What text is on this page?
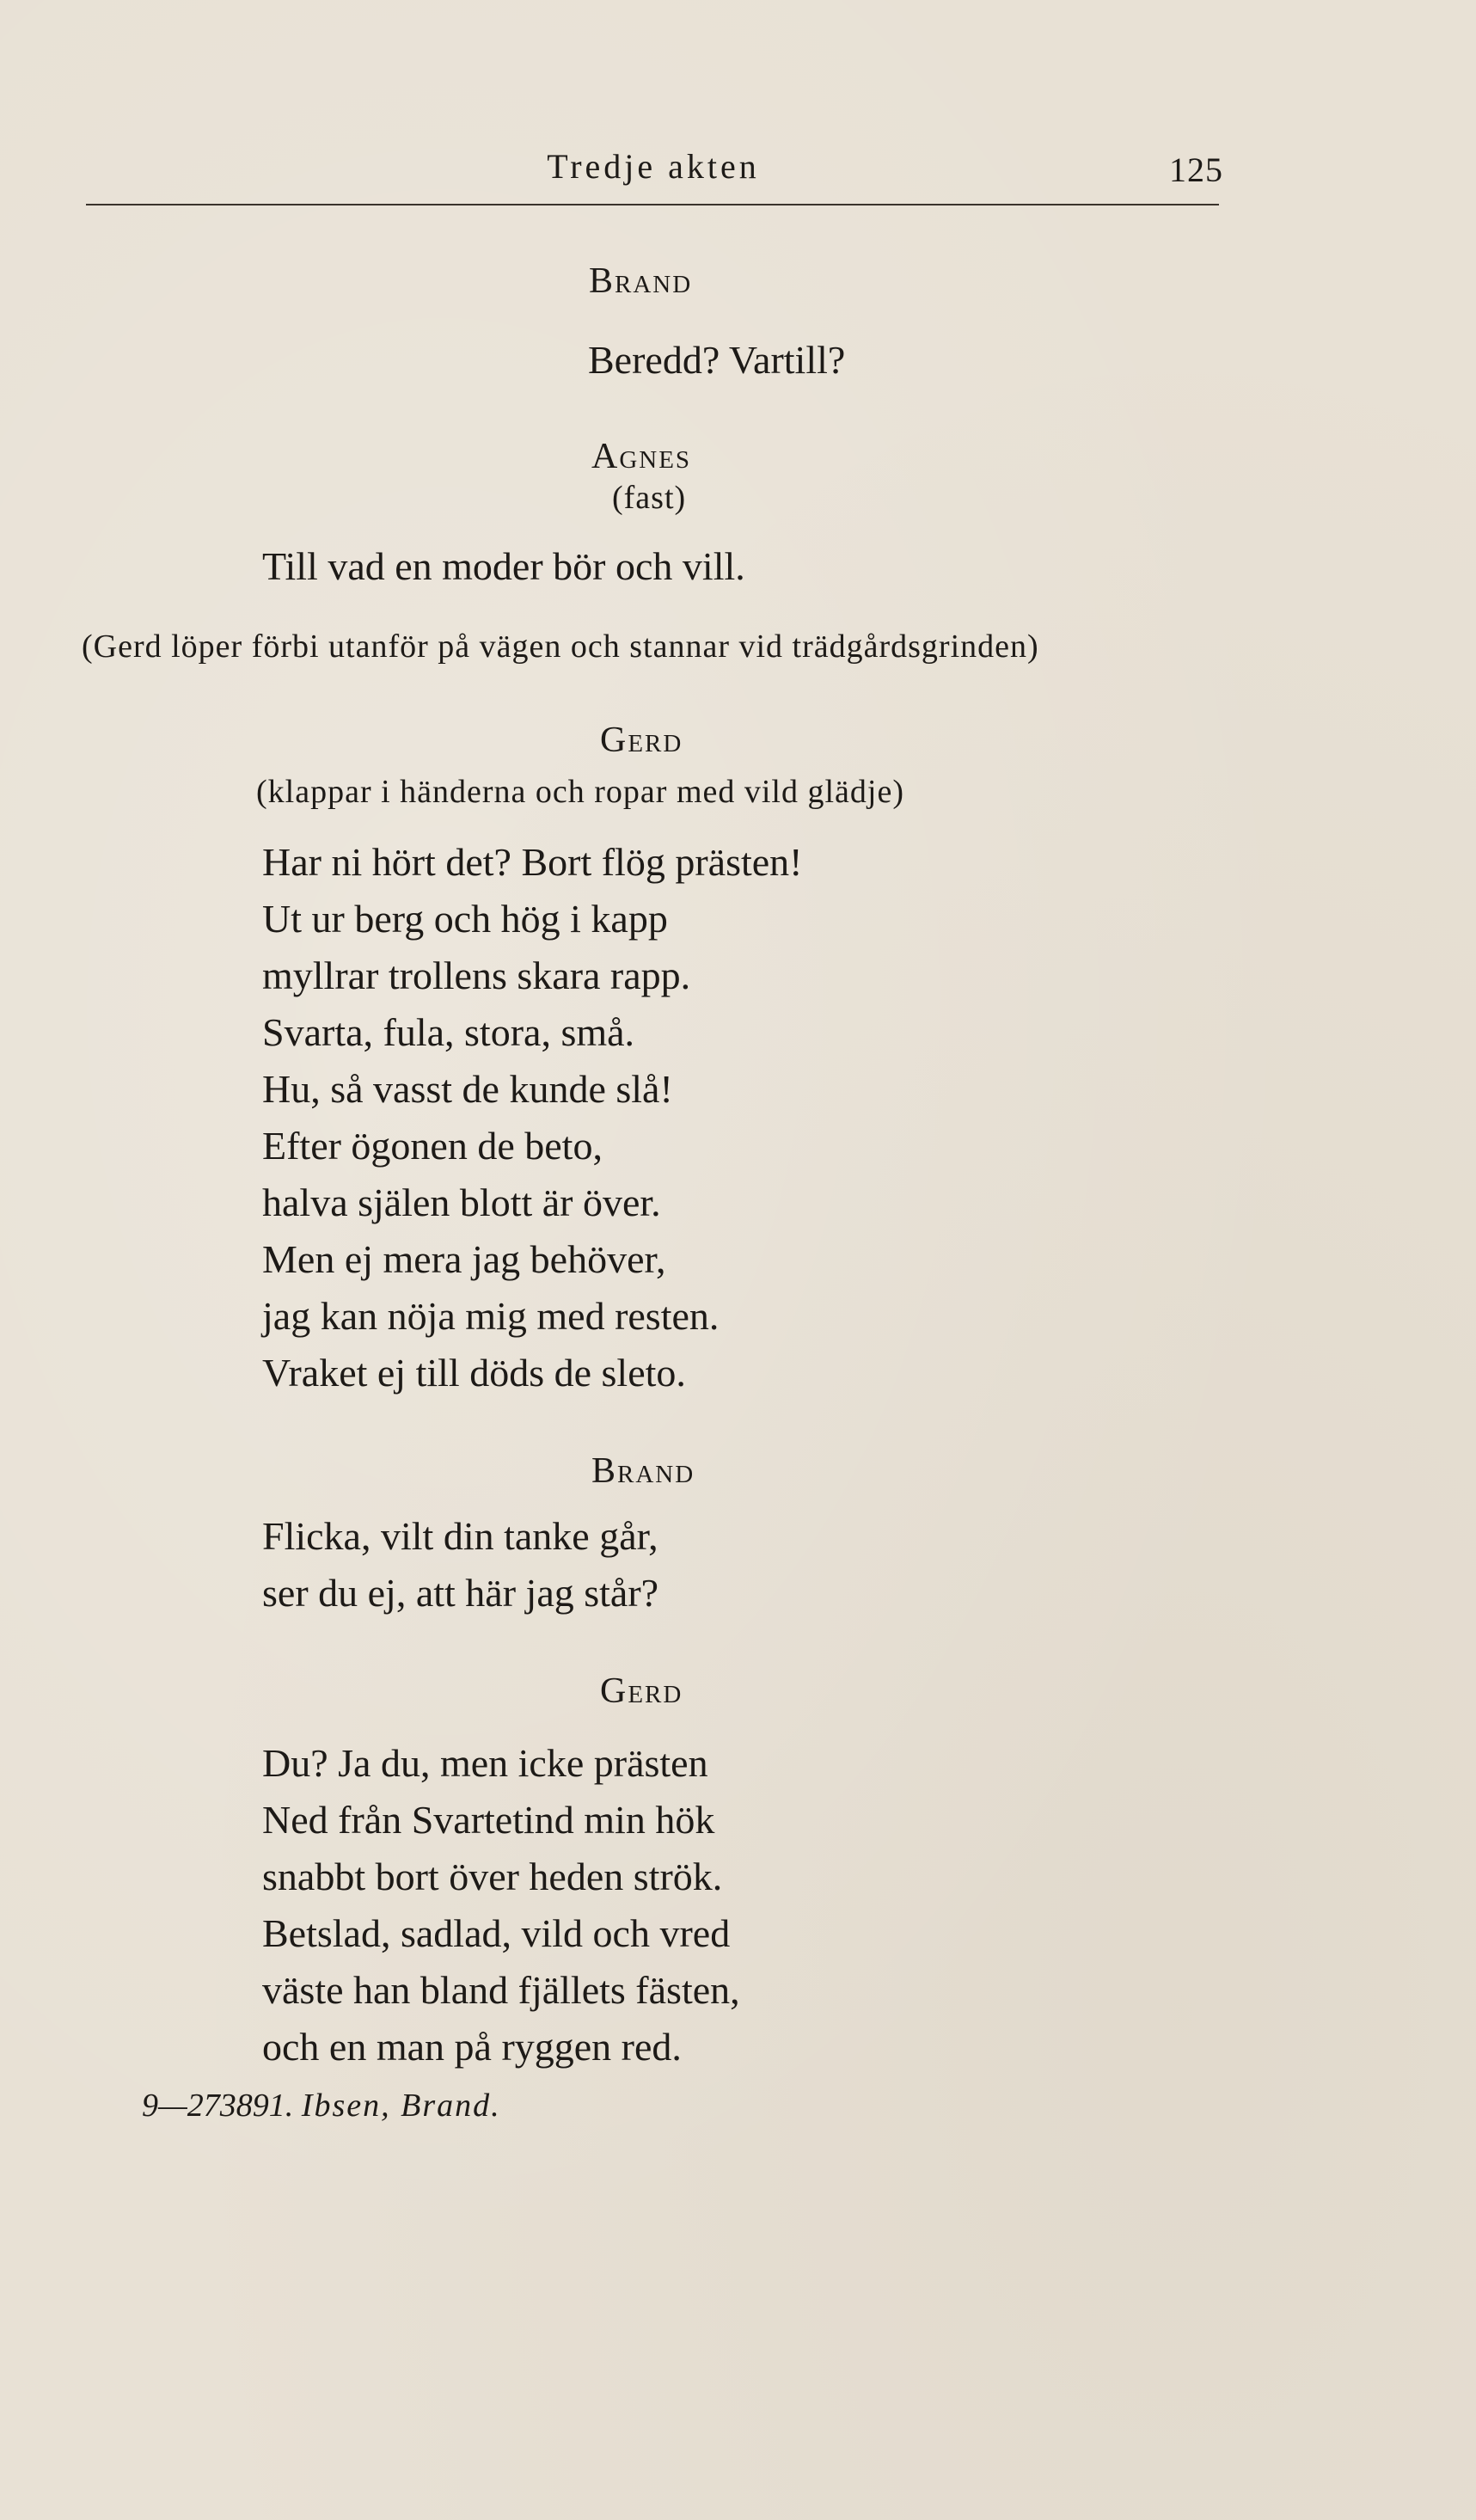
Tredje akten	125
Brand
Beredd? Vartill?
Agnes
(fast)
Till vad en moder bör och vill.
(Gerd löper förbi utanför på vägen och stannar vid trädgårdsgrinden)
Gerd
(klappar i händerna och ropar med vild glädje)
Har ni hört det? Bort flög prästen!
Ut ur berg och hög i kapp
myllrar trollens skara rapp.
Svarta, fula, stora, små.
Hu, så vasst de kunde slå!
Efter ögonen de beto,
halva själen blott är över.
Men ej mera jag behöver,
jag kan nöja mig med resten.
Vraket ej till döds de sleto.
Brand
Flicka, vilt din tanke går,
ser du ej, att här jag står?
Gerd
Du? Ja du, men icke prästen
Ned från Svartetind min hök
snabbt bort över heden strök.
Betslad, sadlad, vild och vred
väste han bland fjällets fästen,
och en man på ryggen red.
9—273891. Ibsen, Brand.
